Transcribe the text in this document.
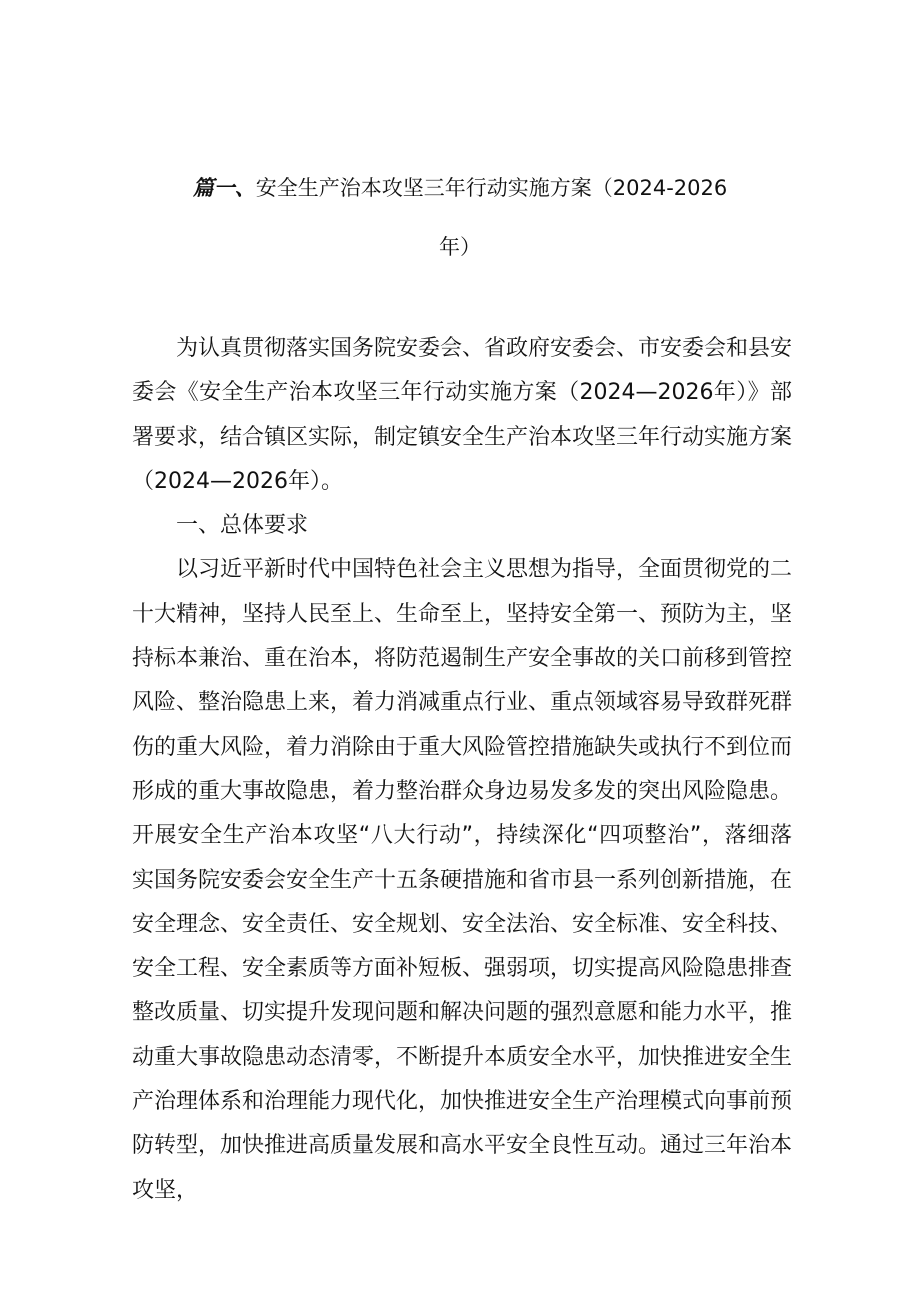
篇一、安全生产治本攻坚三年行动实施方案（2024-2026
年）

为认真贯彻落实国务院安委会、省政府安委会、市安委会和县安委会《安全生产治本攻坚三年行动实施方案（2024—2026年）》部署要求，结合镇区实际，制定镇安全生产治本攻坚三年行动实施方案（2024—2026年）。

一、总体要求

以习近平新时代中国特色社会主义思想为指导，全面贯彻党的二十大精神，坚持人民至上、生命至上，坚持安全第一、预防为主，坚持标本兼治、重在治本，将防范遏制生产安全事故的关口前移到管控风险、整治隐患上来，着力消减重点行业、重点领域容易导致群死群伤的重大风险，着力消除由于重大风险管控措施缺失或执行不到位而形成的重大事故隐患，着力整治群众身边易发多发的突出风险隐患。开展安全生产治本攻坚“八大行动”，持续深化“四项整治”，落细落实国务院安委会安全生产十五条硬措施和省市县一系列创新措施，在安全理念、安全责任、安全规划、安全法治、安全标准、安全科技、安全工程、安全素质等方面补短板、强弱项，切实提高风险隐患排查整改质量、切实提升发现问题和解决问题的强烈意愿和能力水平，推动重大事故隐患动态清零，不断提升本质安全水平，加快推进安全生产治理体系和治理能力现代化，加快推进安全生产治理模式向事前预防转型，加快推进高质量发展和高水平安全良性互动。通过三年治本攻坚，
